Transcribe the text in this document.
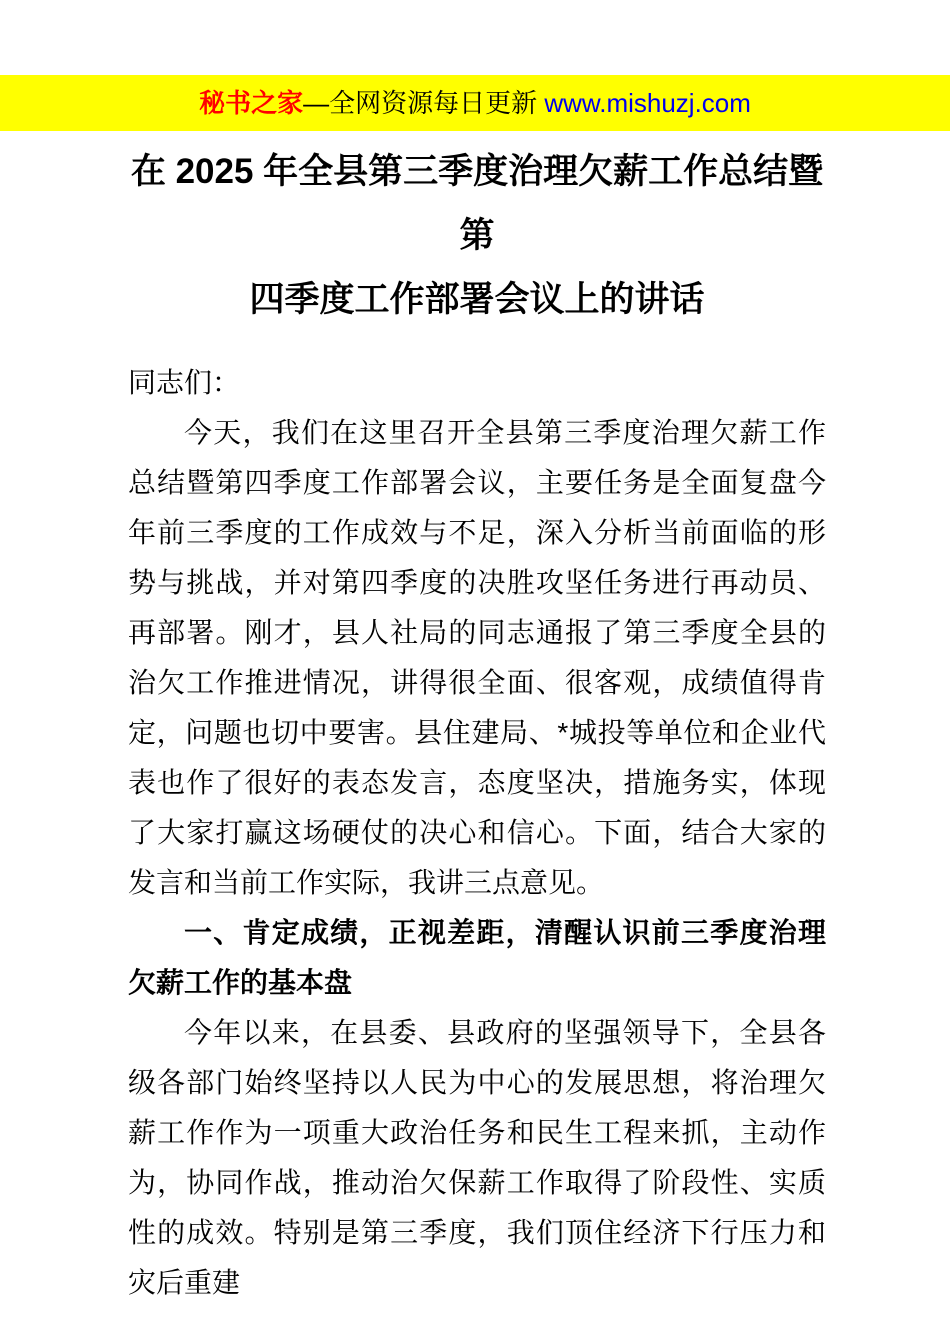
秘书之家 —全网资源每日更新 www.mishuzj.com
在 2025 年全县第三季度治理欠薪工作总结暨第
四季度工作部署会议上的讲话

同志们：

今天，我们在这里召开全县第三季度治理欠薪工作总结暨第四季度工作部署会议，主要任务是全面复盘今年前三季度的工作成效与不足，深入分析当前面临的形势与挑战，并对第四季度的决胜攻坚任务进行再动员、再部署。刚才，县人社局的同志通报了第三季度全县的治欠工作推进情况，讲得很全面、很客观，成绩值得肯定，问题也切中要害。县住建局、*城投等单位和企业代表也作了很好的表态发言，态度坚决，措施务实，体现了大家打赢这场硬仗的决心和信心。下面，结合大家的发言和当前工作实际，我讲三点意见。

一、肯定成绩，正视差距，清醒认识前三季度治理欠薪工作的基本盘

今年以来，在县委、县政府的坚强领导下，全县各级各部门始终坚持以人民为中心的发展思想，将治理欠薪工作作为一项重大政治任务和民生工程来抓，主动作为，协同作战，推动治欠保薪工作取得了阶段性、实质性的成效。特别是第三季度，我们顶住经济下行压力和灾后重建
